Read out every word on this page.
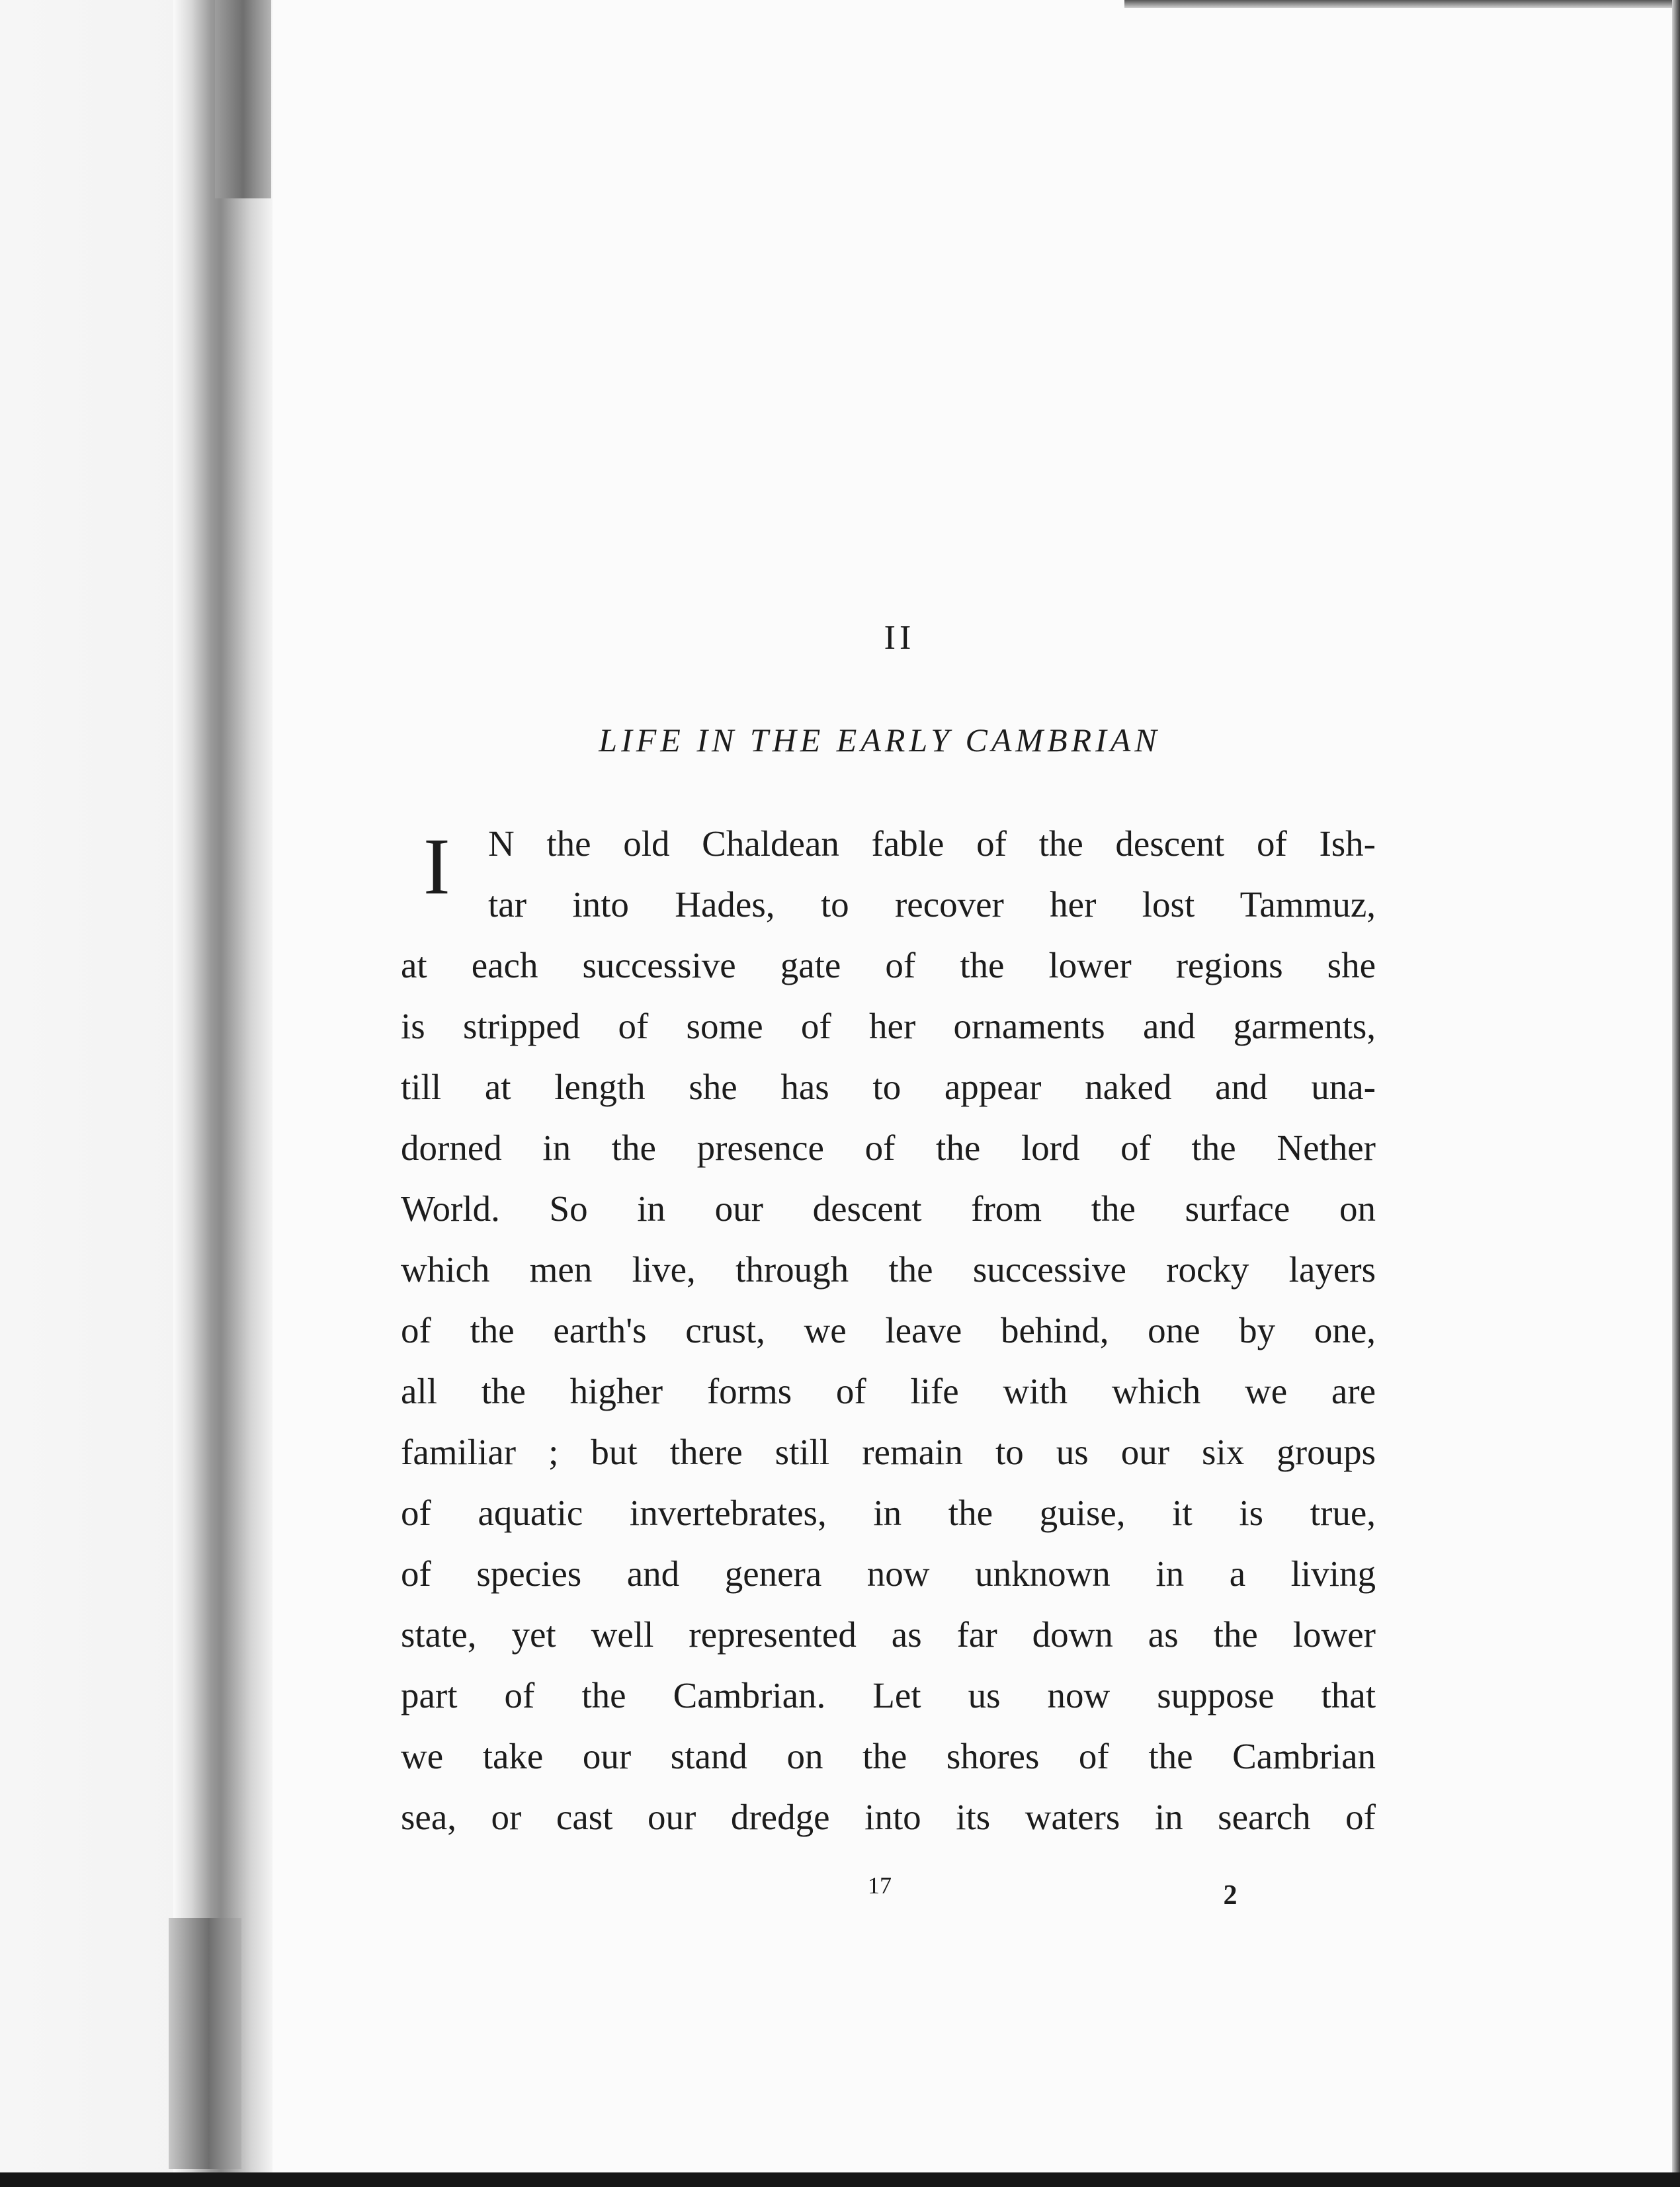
II
LIFE IN THE EARLY CAMBRIAN
I	N the old Chaldean fable of the descent of Ish-
tar into Hades, to recover her lost Tammuz,
at each successive gate of the lower regions she
is stripped of some of her ornaments and garments,
till at length she has to appear naked and una-
dorned in the presence of the lord of the Nether
World. So in our descent from the surface on
which men live, through the successive rocky layers
of the earth's crust, we leave behind, one by one,
all the higher forms of life with which we are
familiar ; but there still remain to us our six groups
of aquatic invertebrates, in the guise, it is true,
of species and genera now unknown in a living
state, yet well represented as far down as the lower
part of the Cambrian. Let us now suppose that
we take our stand on the shores of the Cambrian
sea, or cast our dredge into its waters in search of
17	2
